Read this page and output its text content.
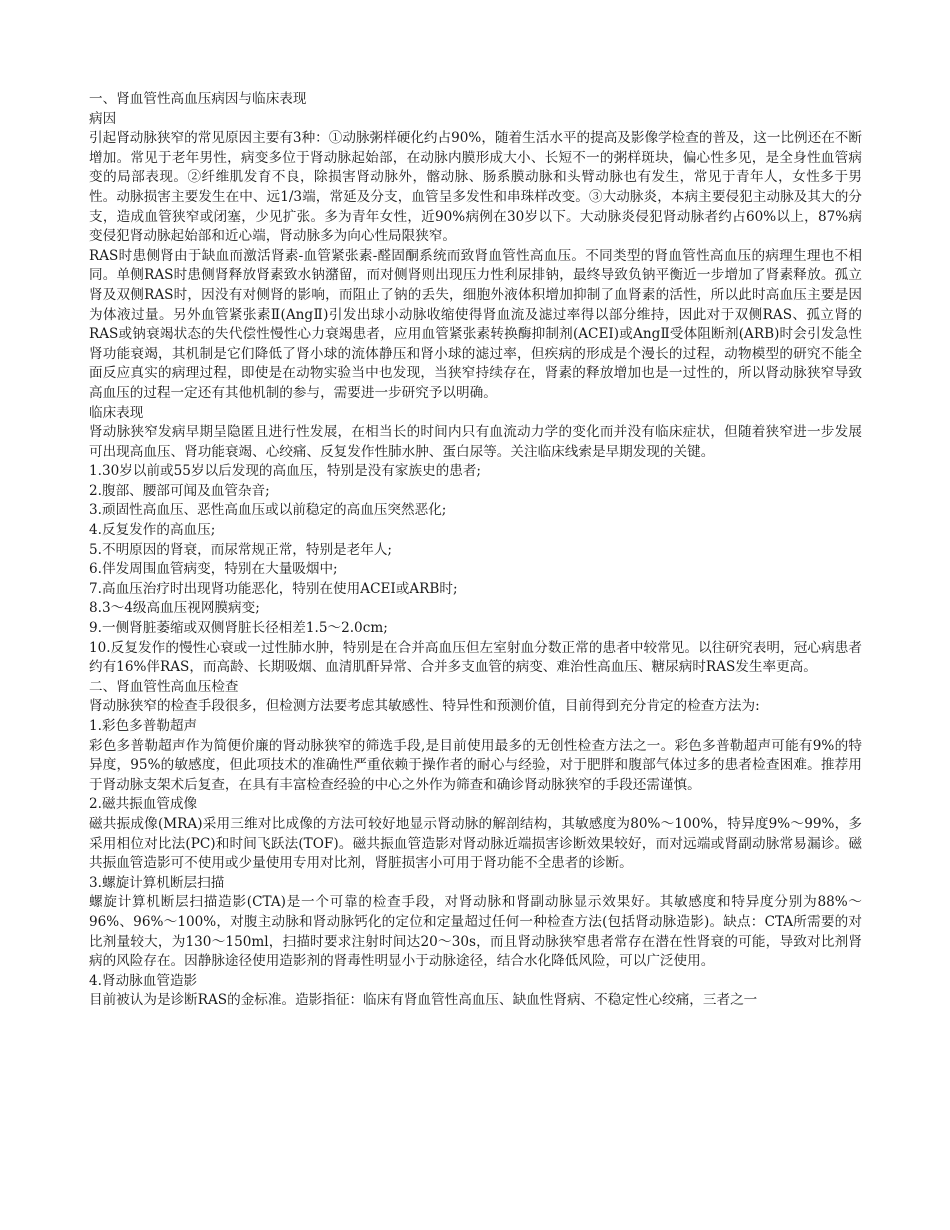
一、肾血管性高血压病因与临床表现
病因

引起肾动脉狭窄的常见原因主要有3种：①动脉粥样硬化约占90%，随着生活水平的提高及影像学检查的普及，这一比例还在不断增加。常见于老年男性，病变多位于肾动脉起始部，在动脉内膜形成大小、长短不一的粥样斑块，偏心性多见，是全身性血管病变的局部表现。②纤维肌发育不良，除损害肾动脉外，髂动脉、肠系膜动脉和头臂动脉也有发生，常见于青年人，女性多于男性。动脉损害主要发生在中、远1/3端，常延及分支，血管呈多发性和串珠样改变。③大动脉炎，本病主要侵犯主动脉及其大的分支，造成血管狭窄或闭塞，少见扩张。多为青年女性，近90%病例在30岁以下。大动脉炎侵犯肾动脉者约占60%以上，87%病变侵犯肾动脉起始部和近心端，肾动脉多为向心性局限狭窄。

RAS时患侧肾由于缺血而激活肾素-血管紧张素-醛固酮系统而致肾血管性高血压。不同类型的肾血管性高血压的病理生理也不相同。单侧RAS时患侧肾释放肾素致水钠潴留，而对侧肾则出现压力性利尿排钠，最终导致负钠平衡近一步增加了肾素释放。孤立肾及双侧RAS时，因没有对侧肾的影响，而阻止了钠的丢失，细胞外液体积增加抑制了血肾素的活性，所以此时高血压主要是因为体液过量。另外血管紧张素Ⅱ(AngⅡ)引发出球小动脉收缩使得肾血流及滤过率得以部分维持，因此对于双侧RAS、孤立肾的RAS或钠衰竭状态的失代偿性慢性心力衰竭患者，应用血管紧张素转换酶抑制剂(ACEI)或AngⅡ受体阻断剂(ARB)时会引发急性肾功能衰竭，其机制是它们降低了肾小球的流体静压和肾小球的滤过率，但疾病的形成是个漫长的过程，动物模型的研究不能全面反应真实的病理过程，即使是在动物实验当中也发现，当狭窄持续存在，肾素的释放增加也是一过性的，所以肾动脉狭窄导致高血压的过程一定还有其他机制的参与，需要进一步研究予以明确。

临床表现

肾动脉狭窄发病早期呈隐匿且进行性发展，在相当长的时间内只有血流动力学的变化而并没有临床症状，但随着狭窄进一步发展可出现高血压、肾功能衰竭、心绞痛、反复发作性肺水肿、蛋白尿等。关注临床线索是早期发现的关键。

1.30岁以前或55岁以后发现的高血压，特别是没有家族史的患者;

2.腹部、腰部可闻及血管杂音;

3.顽固性高血压、恶性高血压或以前稳定的高血压突然恶化;

4.反复发作的高血压;

5.不明原因的肾衰，而尿常规正常，特别是老年人;

6.伴发周围血管病变，特别在大量吸烟中;

7.高血压治疗时出现肾功能恶化，特别在使用ACEI或ARB时;

8.3～4级高血压视网膜病变;

9.一侧肾脏萎缩或双侧肾脏长径相差1.5～2.0cm;

10.反复发作的慢性心衰或一过性肺水肿，特别是在合并高血压但左室射血分数正常的患者中较常见。以往研究表明，冠心病患者约有16%伴RAS，而高龄、长期吸烟、血清肌酐异常、合并多支血管的病变、难治性高血压、糖尿病时RAS发生率更高。

二、肾血管性高血压检查

肾动脉狭窄的检查手段很多，但检测方法要考虑其敏感性、特异性和预测价值，目前得到充分肯定的检查方法为:

1.彩色多普勒超声

彩色多普勒超声作为简便价廉的肾动脉狭窄的筛选手段,是目前使用最多的无创性检查方法之一。彩色多普勒超声可能有9%的特异度，95%的敏感度，但此项技术的准确性严重依赖于操作者的耐心与经验，对于肥胖和腹部气体过多的患者检查困难。推荐用于肾动脉支架术后复查，在具有丰富检查经验的中心之外作为筛查和确诊肾动脉狭窄的手段还需谨慎。

2.磁共振血管成像

磁共振成像(MRA)采用三维对比成像的方法可较好地显示肾动脉的解剖结构，其敏感度为80%～100%，特异度9%～99%，多采用相位对比法(PC)和时间飞跃法(TOF)。磁共振血管造影对肾动脉近端损害诊断效果较好，而对远端或肾副动脉常易漏诊。磁共振血管造影可不使用或少量使用专用对比剂，肾脏损害小可用于肾功能不全患者的诊断。

3.螺旋计算机断层扫描

螺旋计算机断层扫描造影(CTA)是一个可靠的检查手段，对肾动脉和肾副动脉显示效果好。其敏感度和特异度分别为88%～96%、96%～100%，对腹主动脉和肾动脉钙化的定位和定量超过任何一种检查方法(包括肾动脉造影)。缺点：CTA所需要的对比剂量较大，为130～150ml，扫描时要求注射时间达20～30s，而且肾动脉狭窄患者常存在潜在性肾衰的可能，导致对比剂肾病的风险存在。因静脉途径使用造影剂的肾毒性明显小于动脉途径，结合水化降低风险，可以广泛使用。

4.肾动脉血管造影

目前被认为是诊断RAS的金标准。造影指征：临床有肾血管性高血压、缺血性肾病、不稳定性心绞痛，三者之一
